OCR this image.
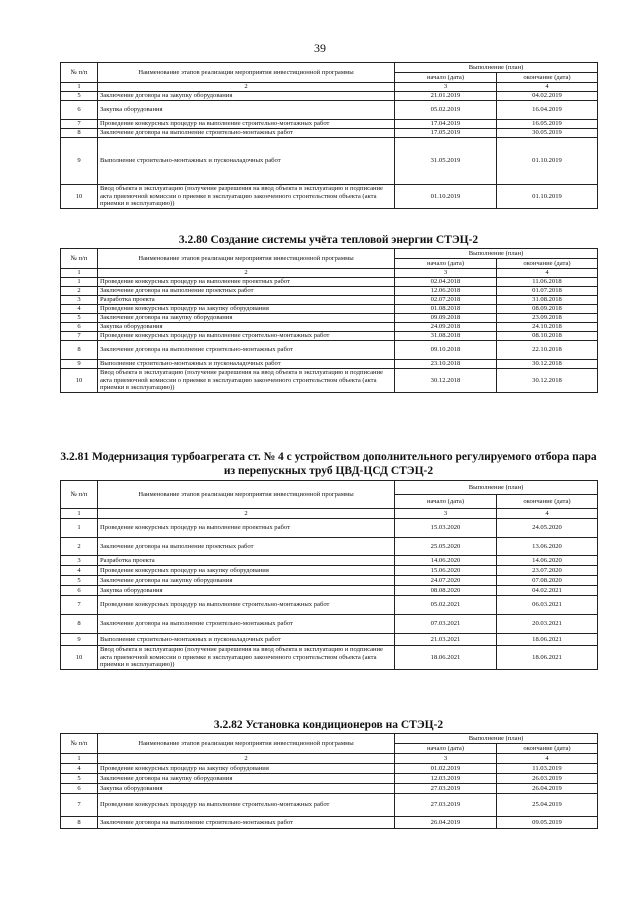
39
№ п/п	Наименование этапов реализации мероприятия инвестиционной программы	Выполнение (план)	
		начало (дата)	окончание (дата)
1	2	3	4
5	Заключение договора на закупку оборудования	21.01.2019	04.02.2019
6	Закупка оборудования	05.02.2019	16.04.2019
7	Проведение конкурсных процедур на выполнение строительно-монтажных работ	17.04.2019	16.05.2019
8	Заключение договора на выполнение строительно-монтажных работ	17.05.2019	30.05.2019
9	Выполнение строительно-монтажных и пусконаладочных работ	31.05.2019	01.10.2019
10	Ввод объекта в эксплуатацию (получение разрешения на ввод объекта в эксплуатацию и подписание акта приемочной комиссии о приемке в эксплуатацию законченного строительством объекта (акта приемки в эксплуатацию))	01.10.2019	01.10.2019
3.2.80 Создание системы учёта тепловой энергии СТЭЦ-2
№ п/п	Наименование этапов реализации мероприятия инвестиционной программы	Выполнение (план)	
		начало (дата)	окончание (дата)
1	2	3	4
1	Проведение конкурсных процедур на выполнение проектных работ	02.04.2018	11.06.2018
2	Заключение договора на выполнение проектных работ	12.06.2018	01.07.2018
3	Разработка проекта	02.07.2018	31.08.2018
4	Проведение конкурсных процедур на закупку оборудования	01.08.2018	08.09.2018
5	Заключение договора на закупку оборудования	09.09.2018	23.09.2018
6	Закупка оборудования	24.09.2018	24.10.2018
7	Проведение конкурсных процедур на выполнение строительно-монтажных работ	31.08.2018	08.10.2018
8	Заключение договора на выполнение строительно-монтажных работ	09.10.2018	22.10.2018
9	Выполнение строительно-монтажных и пусконаладочных работ	23.10.2018	30.12.2018
10	Ввод объекта в эксплуатацию (получение разрешения на ввод объекта в эксплуатацию и подписание акта приемочной комиссии о приемке в эксплуатацию законченного строительством объекта (акта приемки в эксплуатацию))	30.12.2018	30.12.2018
3.2.81 Модернизация турбоагрегата ст. № 4 с устройством дополнительного регулируемого отбора пара из перепускных труб ЦВД-ЦСД СТЭЦ-2
№ п/п	Наименование этапов реализации мероприятия инвестиционной программы	Выполнение (план)	
		начало (дата)	окончание (дата)
1	2	3	4
1	Проведение конкурсных процедур на выполнение проектных работ	15.03.2020	24.05.2020
2	Заключение договора на выполнение проектных работ	25.05.2020	13.06.2020
3	Разработка проекта	14.06.2020	14.06.2020
4	Проведение конкурсных процедур на закупку оборудования	15.06.2020	23.07.2020
5	Заключение договора на закупку оборудования	24.07.2020	07.08.2020
6	Закупка оборудования	08.08.2020	04.02.2021
7	Проведение конкурсных процедур на выполнение строительно-монтажных работ	05.02.2021	06.03.2021
8	Заключение договора на выполнение строительно-монтажных работ	07.03.2021	20.03.2021
9	Выполнение строительно-монтажных и пусконаладочных работ	21.03.2021	18.06.2021
10	Ввод объекта в эксплуатацию (получение разрешения на ввод объекта в эксплуатацию и подписание акта приемочной комиссии о приемке в эксплуатацию законченного строительством объекта (акта приемки в эксплуатацию))	18.06.2021	18.06.2021
3.2.82 Установка кондиционеров на СТЭЦ-2
№ п/п	Наименование этапов реализации мероприятия инвестиционной программы	Выполнение (план)	
		начало (дата)	окончание (дата)
1	2	3	4
4	Проведение конкурсных процедур на закупку оборудования	01.02.2019	11.03.2019
5	Заключение договора на закупку оборудования	12.03.2019	26.03.2019
6	Закупка оборудования	27.03.2019	26.04.2019
7	Проведение конкурсных процедур на выполнение строительно-монтажных работ	27.03.2019	25.04.2019
8	Заключение договора на выполнение строительно-монтажных работ	26.04.2019	09.05.2019
